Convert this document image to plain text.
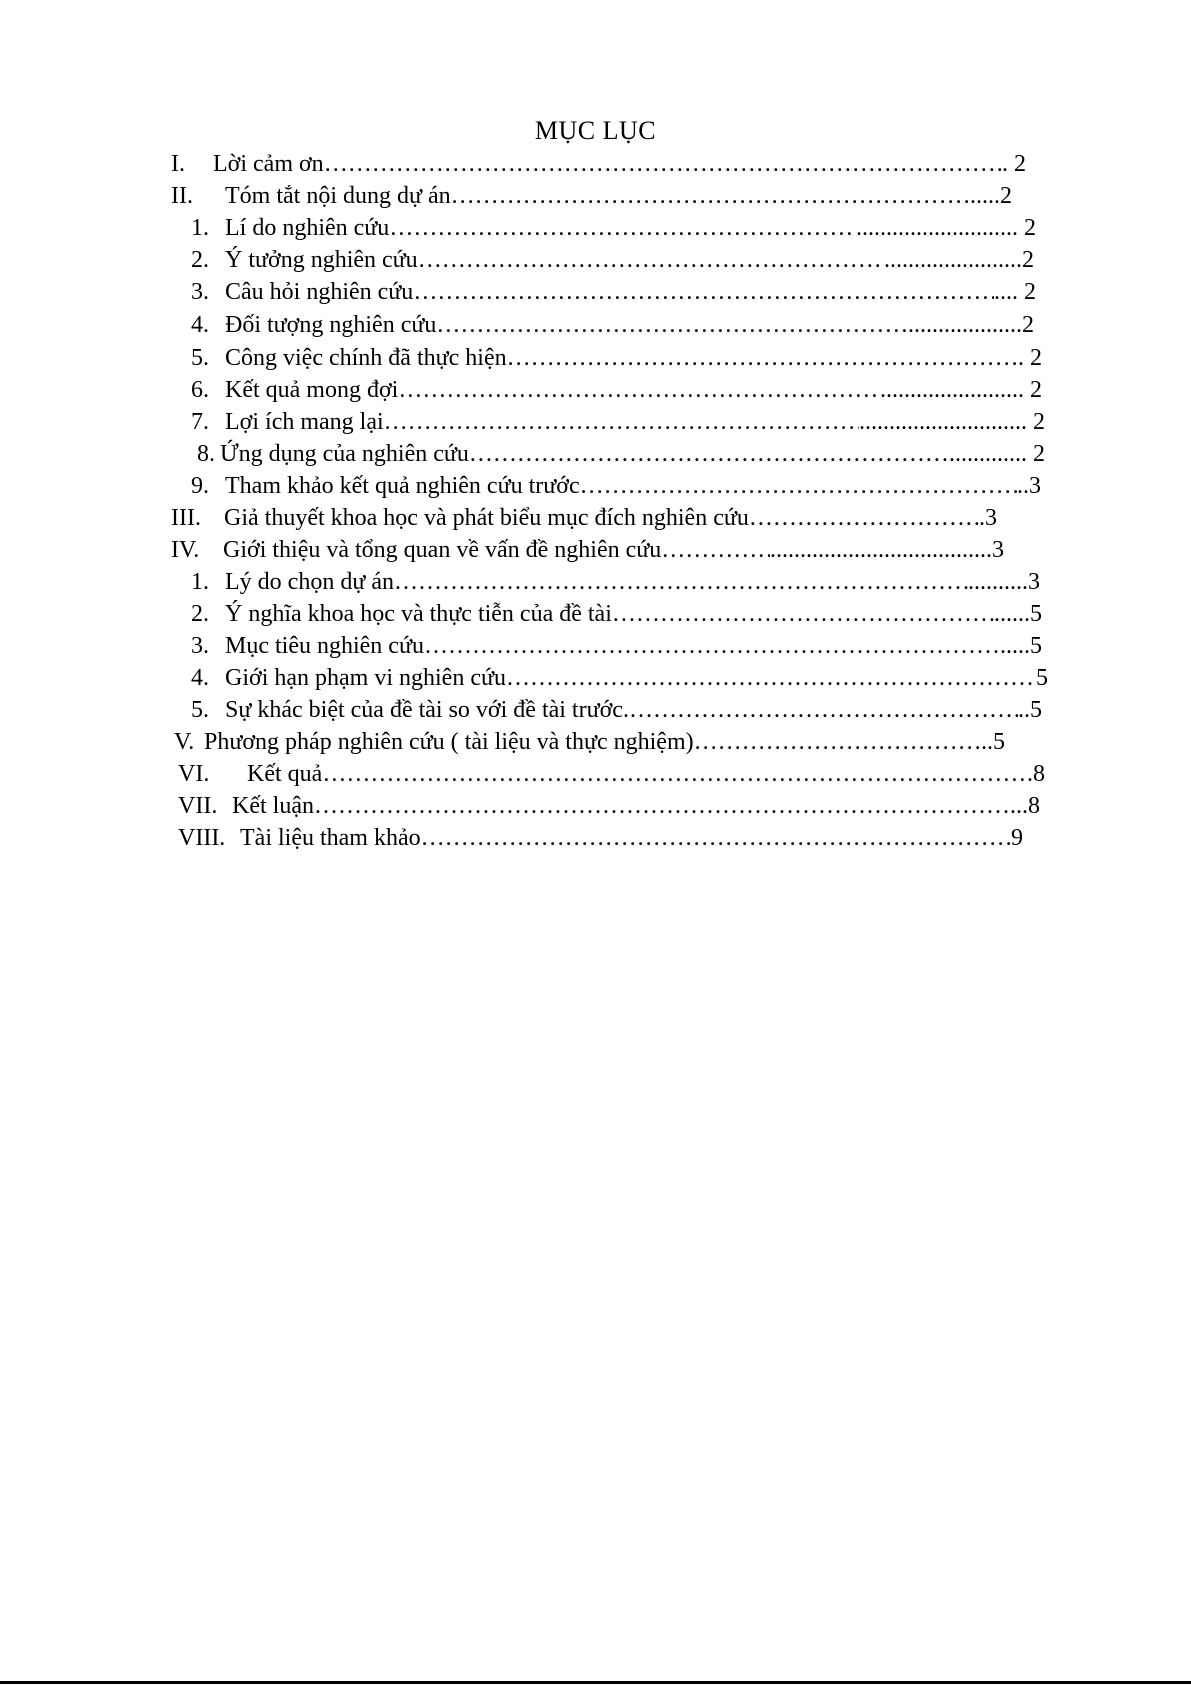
MỤC LỤC
I.	Lời cảm ơn …………………………………………………………………………………………………………………………………………………………	. 2
II.	Tóm tắt nội dung dự án …………………………………………………………………………………………………………………………………………………………	.....2
1. Lí do nghiên cứu …………………………………………………………………………………………………………………………………………………………	........................... 2
2. Ý tưởng nghiên cứu …………………………………………………………………………………………………………………………………………………………	.......................2
3. Câu hỏi nghiên cứu …………………………………………………………………………………………………………………………………………………………	.... 2
4. Đối tượng nghiên cứu …………………………………………………………………………………………………………………………………………………………	...................2
5. Công việc chính đã thực hiện …………………………………………………………………………………………………………………………………………………………	. 2
6. Kết quả mong đợi …………………………………………………………………………………………………………………………………………………………	........................ 2
7. Lợi ích mang lại …………………………………………………………………………………………………………………………………………………………	............................ 2
8. Ứng dụng của nghiên cứu …………………………………………………………………………………………………………………………………………………………	............. 2
9. Tham khảo kết quả nghiên cứu trước …………………………………………………………………………………………………………………………………………………………	..3
III. Giả thuyết khoa học và phát biểu mục đích nghiên cứu …………………………………………………………………………………………………………………………………………………………	.3
IV. Giới thiệu và tổng quan về vấn đề nghiên cứu …………………………………………………………………………………………………………………………………………………………	.....................................3
1. Lý do chọn dự án …………………………………………………………………………………………………………………………………………………………	..........3
2. Ý nghĩa khoa học và thực tiễn của đề tài …………………………………………………………………………………………………………………………………………………………	......5
3. Mục tiêu nghiên cứu …………………………………………………………………………………………………………………………………………………………	.....5
4. Giới hạn phạm vi nghiên cứu …………………………………………………………………………………………………………………………………………………………	5
5. Sự khác biệt của đề tài so với đề tài trước. …………………………………………………………………………………………………………………………………………………………	..5
V. Phương pháp nghiên cứu ( tài liệu và thực nghiệm) …………………………………………………………………………………………………………………………………………………………	..5
VI.	Kết quả …………………………………………………………………………………………………………………………………………………………	.8
VII. Kết luận …………………………………………………………………………………………………………………………………………………………	...8
VIII. Tài liệu tham khảo …………………………………………………………………………………………………………………………………………………………	9
